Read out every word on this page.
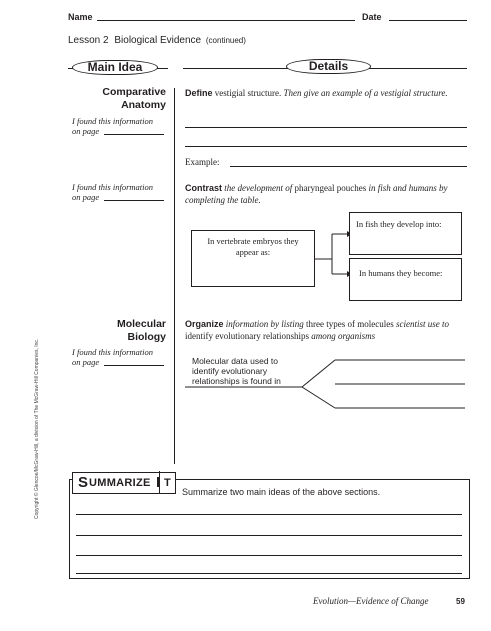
Name	Date
Lesson 2 Biological Evidence (continued)
Main Idea	Details
Comparative
Anatomy
I found this information
on page
Define vestigial structure. Then give an example of a vestigial structure.
Example:
I found this information
on page
Contrast the development of pharyngeal pouches in fish and humans by completing the table.
In vertebrate embryos they appear as:
In fish they develop into:
In humans they become:
Molecular
Biology
I found this information
on page
Organize information by listing three types of molecules scientist use to identify evolutionary relationships among organisms
Molecular data used to identify evolutionary relationships is found in
S UMMARIZE I T
Summarize two main ideas of the above sections.
Copyright © Glencoe/McGraw-Hill, a division of The McGraw-Hill Companies, Inc.
Evolution—Evidence of Change	59
